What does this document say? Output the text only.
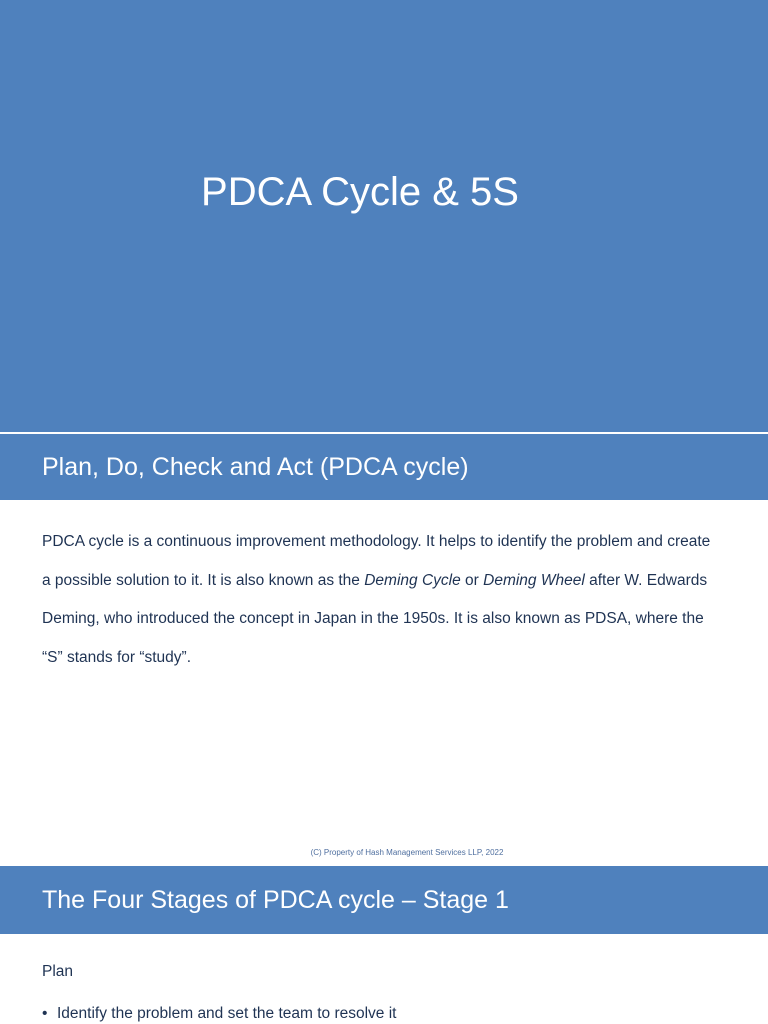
PDCA Cycle & 5S
Plan, Do, Check and Act (PDCA cycle)
PDCA cycle is a continuous improvement methodology. It helps to identify the problem and create a possible solution to it. It is also known as the Deming Cycle or Deming Wheel after W. Edwards Deming, who introduced the concept in Japan in the 1950s. It is also known as PDSA, where the “S” stands for “study”.
(C) Property of Hash Management Services LLP, 2022
The Four Stages of PDCA cycle – Stage 1
Plan
• Identify the problem and set the team to resolve it
